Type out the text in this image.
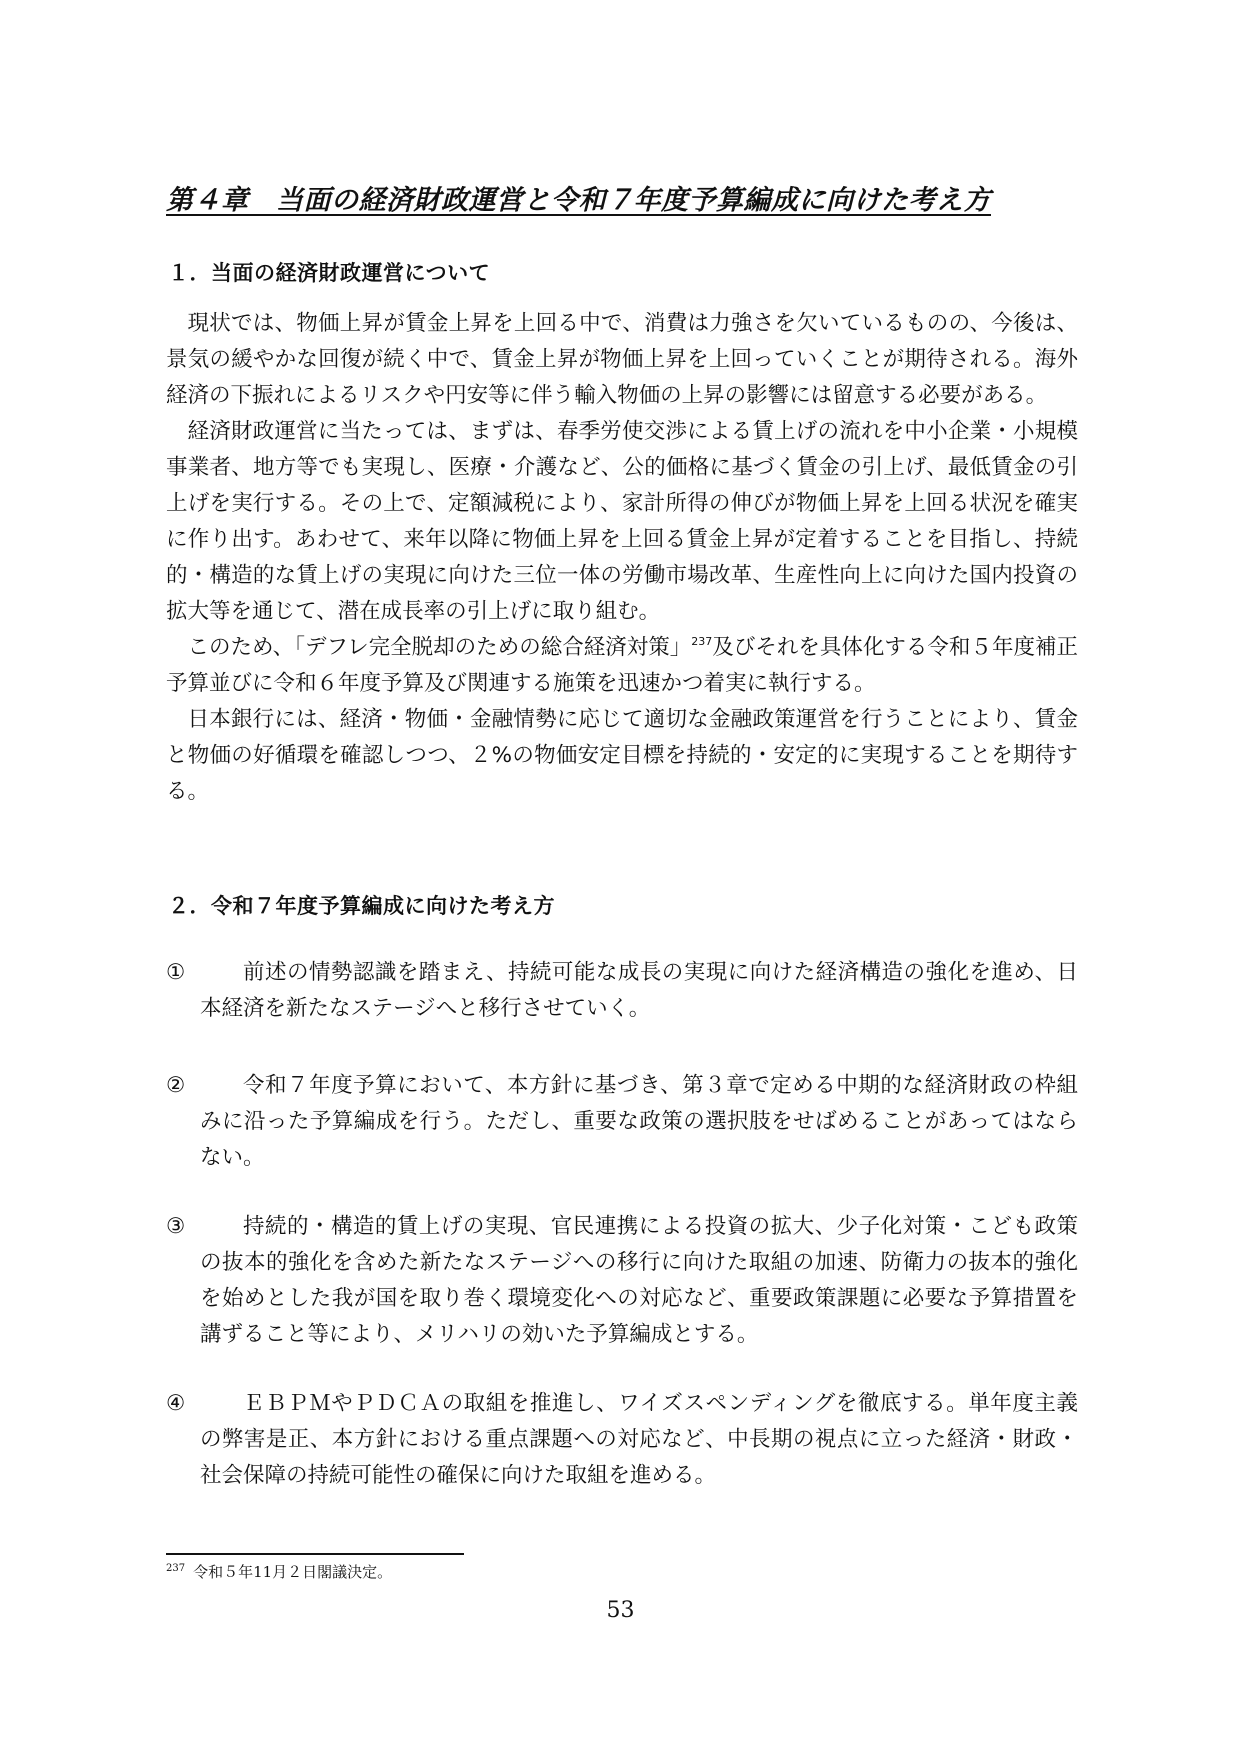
第４章　当面の経済財政運営と令和７年度予算編成に向けた考え方
１．当面の経済財政運営について

現状では、物価上昇が賃金上昇を上回る中で、消費は力強さを欠いているものの、今後は、景気の緩やかな回復が続く中で、賃金上昇が物価上昇を上回っていくことが期待される。海外経済の下振れによるリスクや円安等に伴う輸入物価の上昇の影響には留意する必要がある。

経済財政運営に当たっては、まずは、春季労使交渉による賃上げの流れを中小企業・小規模事業者、地方等でも実現し、医療・介護など、公的価格に基づく賃金の引上げ、最低賃金の引上げを実行する。その上で、定額減税により、家計所得の伸びが物価上昇を上回る状況を確実に作り出す。あわせて、来年以降に物価上昇を上回る賃金上昇が定着することを目指し、持続的・構造的な賃上げの実現に向けた三位一体の労働市場改革、生産性向上に向けた国内投資の拡大等を通じて、潜在成長率の引上げに取り組む。

このため、「デフレ完全脱却のための総合経済対策」$^{237}$及びそれを具体化する令和５年度補正予算並びに令和６年度予算及び関連する施策を迅速かつ着実に執行する。

日本銀行には、経済・物価・金融情勢に応じて適切な金融政策運営を行うことにより、賃金と物価の好循環を確認しつつ、２%の物価安定目標を持続的・安定的に実現することを期待する。

２．令和７年度予算編成に向けた考え方
①	前述の情勢認識を踏まえ、持続可能な成長の実現に向けた経済構造の強化を進め、日本経済を新たなステージへと移行させていく。
②	令和７年度予算において、本方針に基づき、第３章で定める中期的な経済財政の枠組みに沿った予算編成を行う。ただし、重要な政策の選択肢をせばめることがあってはならない。
③	持続的・構造的賃上げの実現、官民連携による投資の拡大、少子化対策・こども政策の抜本的強化を含めた新たなステージへの移行に向けた取組の加速、防衛力の抜本的強化を始めとした我が国を取り巻く環境変化への対応など、重要政策課題に必要な予算措置を講ずること等により、メリハリの効いた予算編成とする。
④	ＥＢＰＭやＰＤＣＡの取組を推進し、ワイズスペンディングを徹底する。単年度主義の弊害是正、本方針における重点課題への対応など、中長期の視点に立った経済・財政・社会保障の持続可能性の確保に向けた取組を進める。
$^{237}$ 令和５年11月２日閣議決定。
53
